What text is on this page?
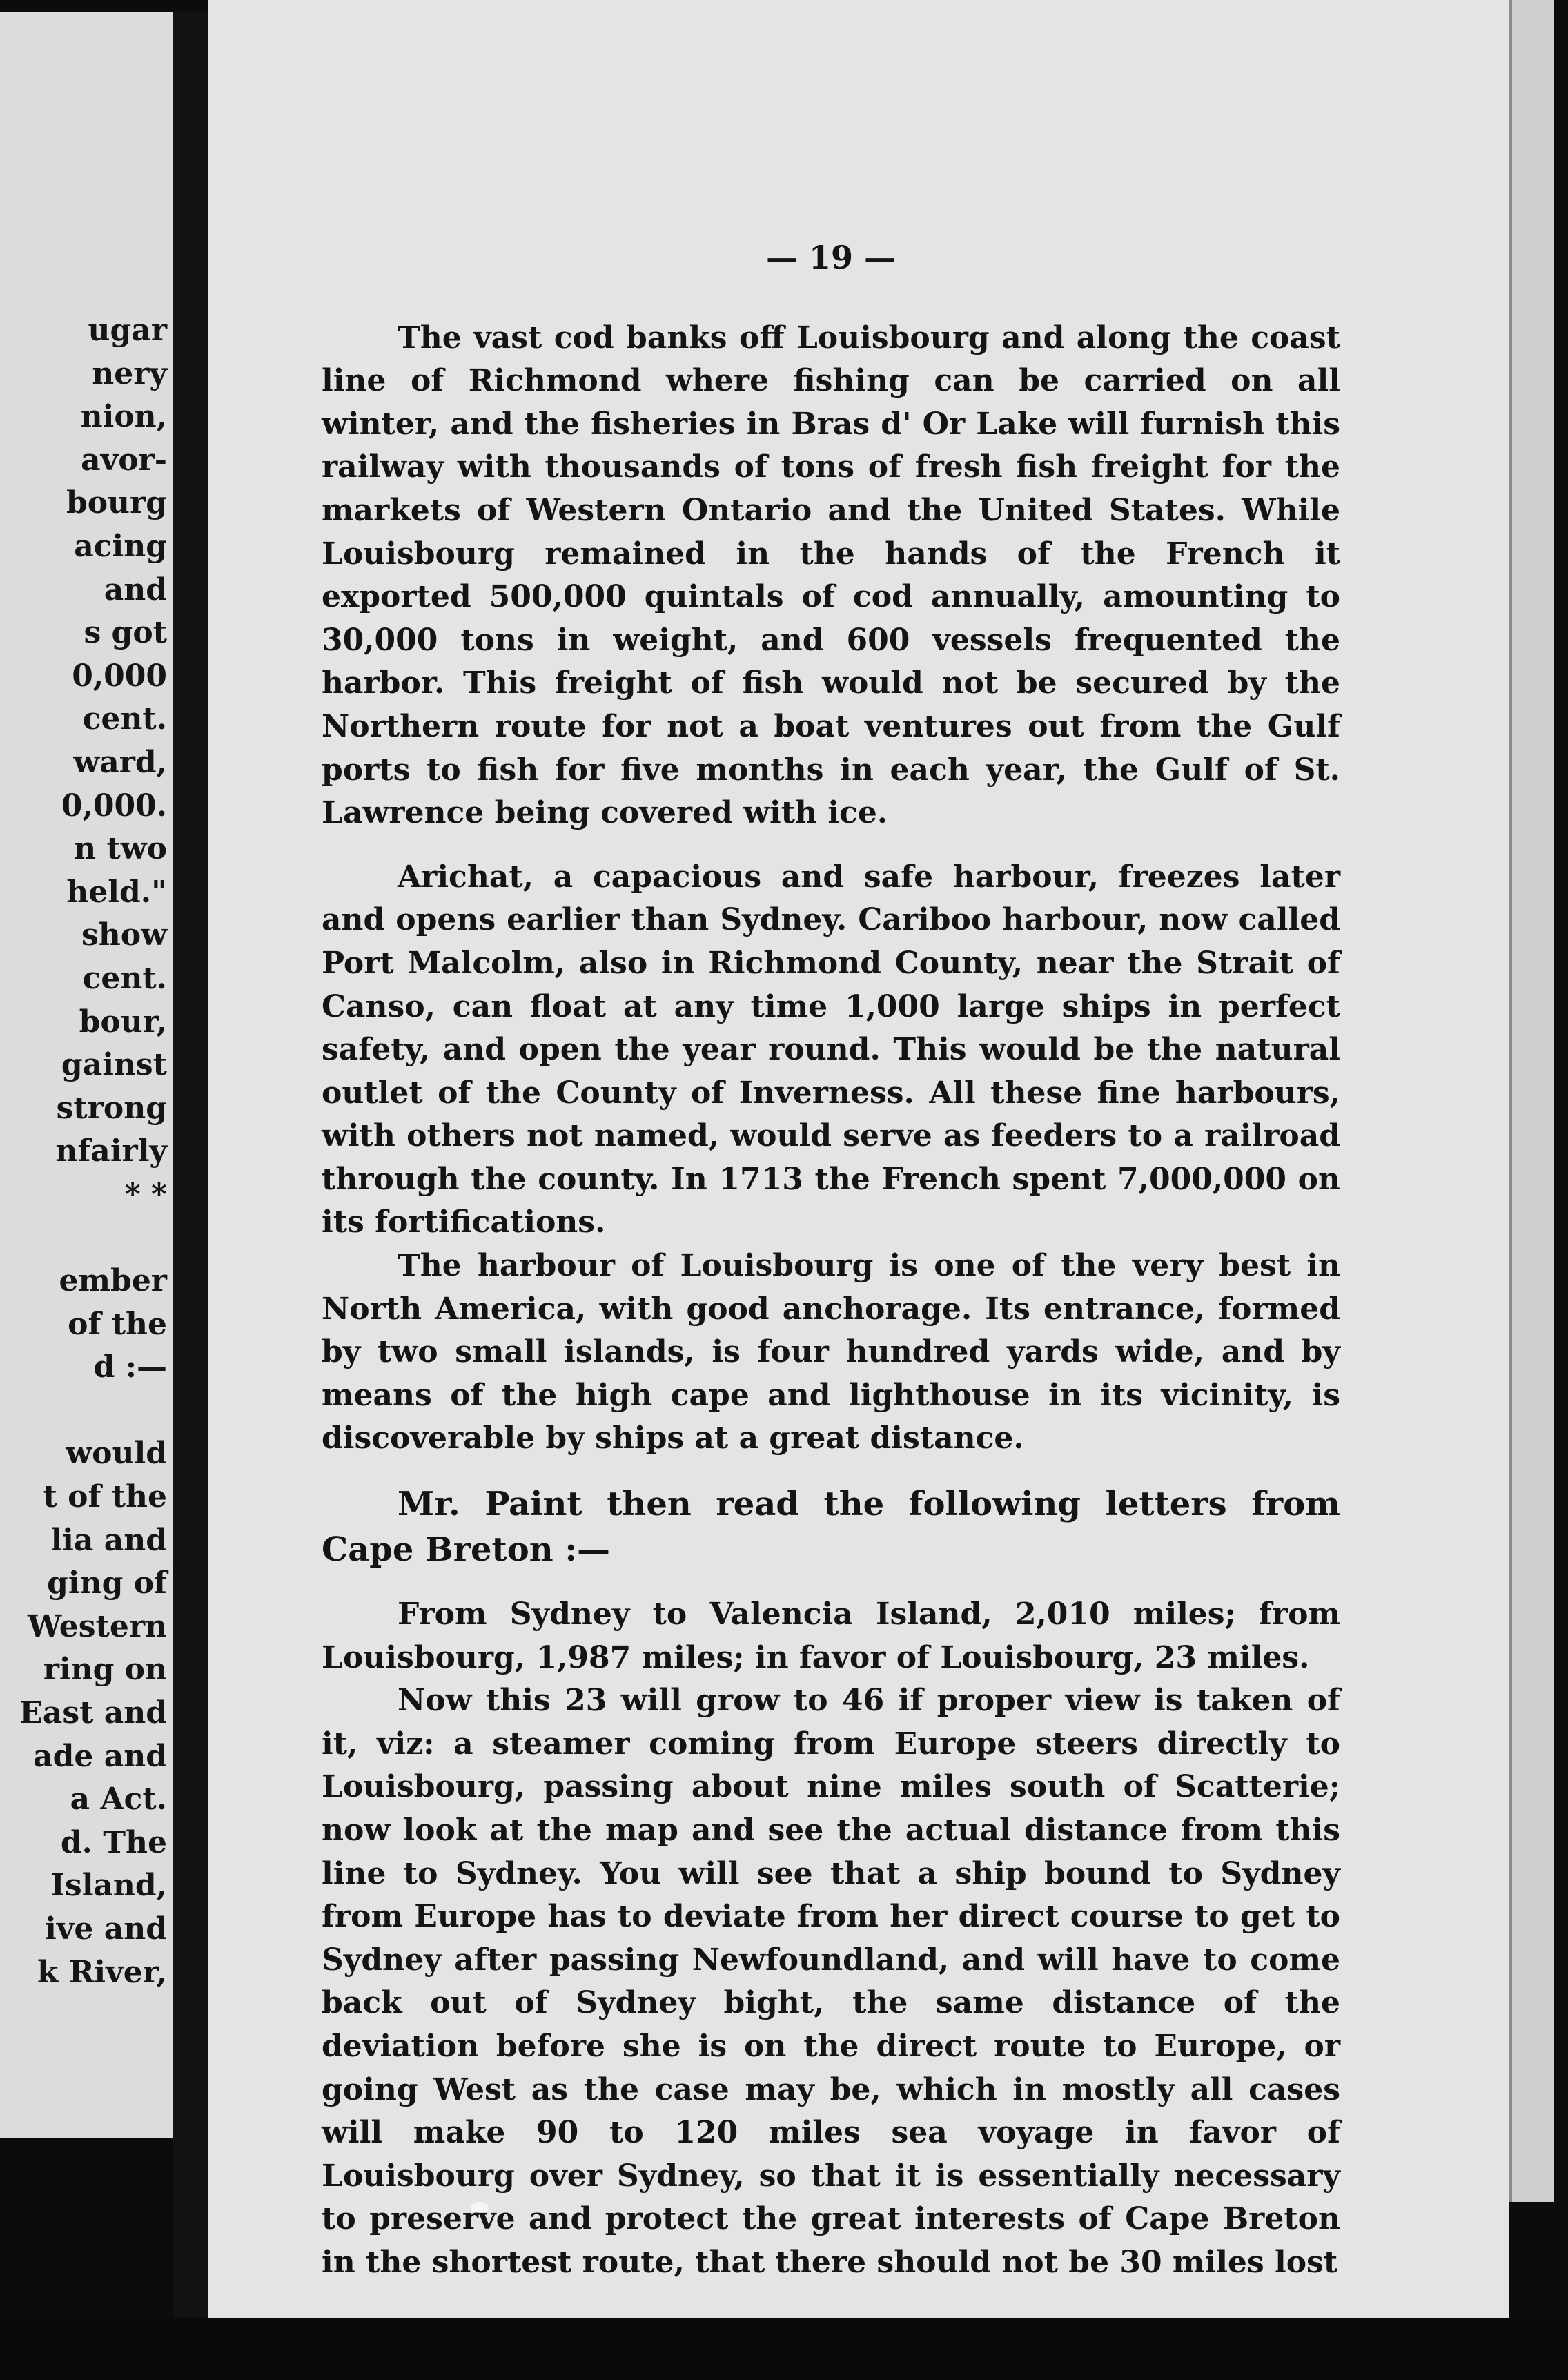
ugar
nery
nion,
avor-
bourg
acing
and
s got
0,000
cent.
ward,
0,000.
n two
held."
show
cent.
bour,
gainst
strong
nfairly
* *
ember
of the
d :—
would
t of the
lia and
ging of
Western
ring on
East and
ade and
a Act.
d. The
Island,
ive and
k River,
— 19 —

The vast cod banks off Louisbourg and along the coast line of Richmond where fishing can be carried on all winter, and the fisheries in Bras d' Or Lake will furnish this railway with thousands of tons of fresh fish freight for the markets of Western Ontario and the United States. While Louisbourg remained in the hands of the French it exported 500,000 quintals of cod annually, amounting to 30,000 tons in weight, and 600 vessels frequented the harbor. This freight of fish would not be secured by the Northern route for not a boat ventures out from the Gulf ports to fish for five months in each year, the Gulf of St. Lawrence being covered with ice.

Arichat, a capacious and safe harbour, freezes later and opens earlier than Sydney. Cariboo harbour, now called Port Malcolm, also in Richmond County, near the Strait of Canso, can float at any time 1,000 large ships in perfect safety, and open the year round. This would be the natural outlet of the County of Inverness. All these fine harbours, with others not named, would serve as feeders to a railroad through the county. In 1713 the French spent 7,000,000 on its fortifications.

The harbour of Louisbourg is one of the very best in North America, with good anchorage. Its entrance, formed by two small islands, is four hundred yards wide, and by means of the high cape and lighthouse in its vicinity, is discoverable by ships at a great distance.

Mr. Paint then read the following letters from Cape Breton :—

From Sydney to Valencia Island, 2,010 miles; from Louisbourg, 1,987 miles; in favor of Louisbourg, 23 miles.

Now this 23 will grow to 46 if proper view is taken of it, viz: a steamer coming from Europe steers directly to Louisbourg, passing about nine miles south of Scatterie; now look at the map and see the actual distance from this line to Sydney. You will see that a ship bound to Sydney from Europe has to deviate from her direct course to get to Sydney after passing Newfoundland, and will have to come back out of Sydney bight, the same distance of the deviation before she is on the direct route to Europe, or going West as the case may be, which in mostly all cases will make 90 to 120 miles sea voyage in favor of Louisbourg over Sydney, so that it is essentially necessary to preserve and protect the great interests of Cape Breton in the shortest route, that there should not be 30 miles lost
